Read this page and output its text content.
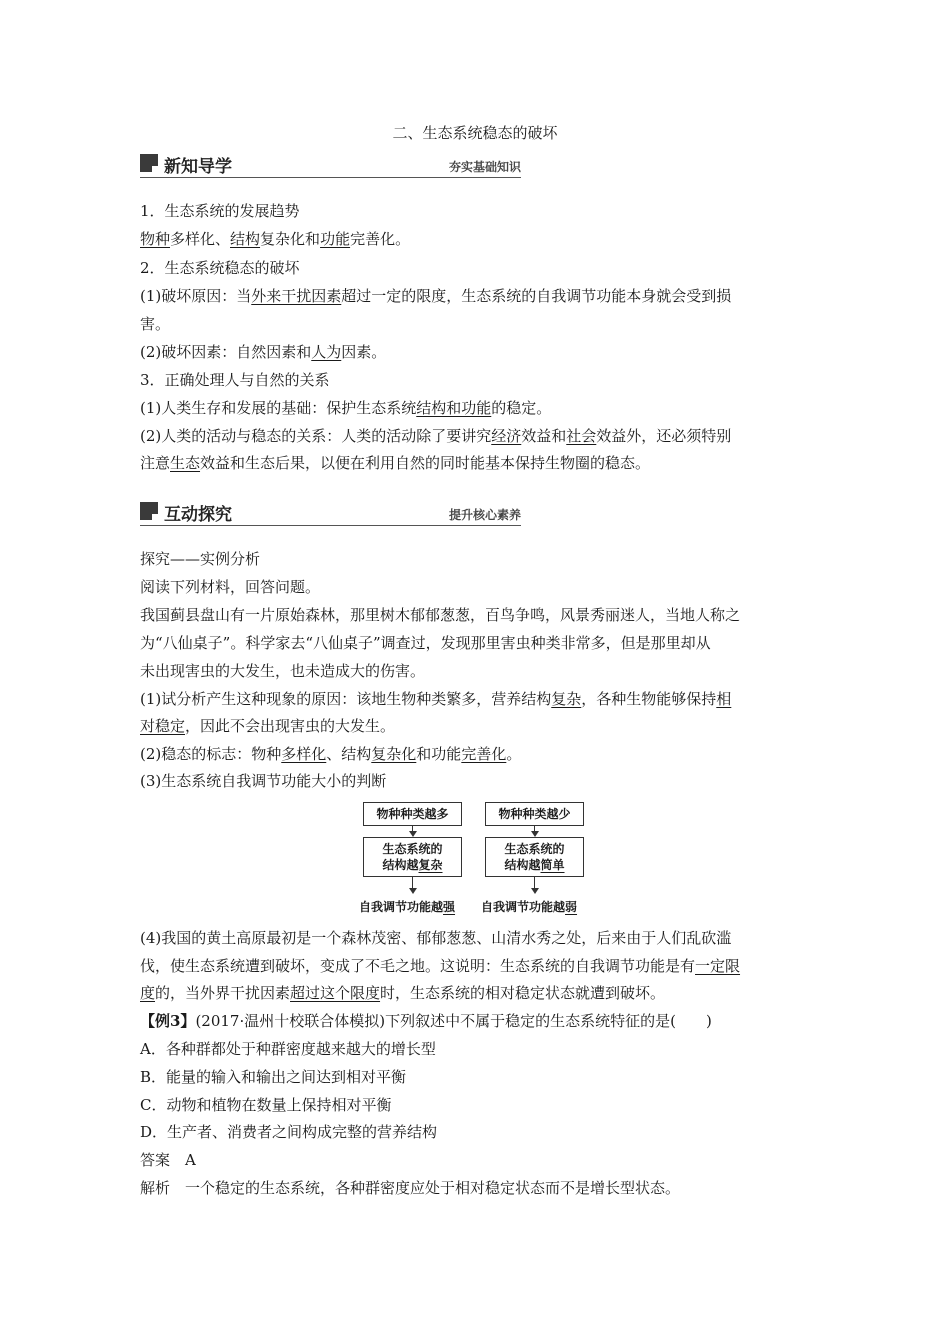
二、生态系统稳态的破坏
新知导学	夯实基础知识
1．生态系统的发展趋势
物种多样化、结构复杂化和功能完善化。
2．生态系统稳态的破坏
(1)破坏原因：当外来干扰因素超过一定的限度，生态系统的自我调节功能本身就会受到损
害。
(2)破坏因素：自然因素和人为因素。
3．正确处理人与自然的关系
(1)人类生存和发展的基础：保护生态系统结构和功能的稳定。
(2)人类的活动与稳态的关系：人类的活动除了要讲究经济效益和社会效益外，还必须特别
注意生态效益和生态后果，以便在利用自然的同时能基本保持生物圈的稳态。
互动探究	提升核心素养
探究——实例分析
阅读下列材料，回答问题。
我国蓟县盘山有一片原始森林，那里树木郁郁葱葱，百鸟争鸣，风景秀丽迷人，当地人称之
为“八仙桌子”。科学家去“八仙桌子”调查过，发现那里害虫种类非常多，但是那里却从
未出现害虫的大发生，也未造成大的伤害。
(1)试分析产生这种现象的原因：该地生物种类繁多，营养结构复杂，各种生物能够保持相
对稳定，因此不会出现害虫的大发生。
(2)稳态的标志：物种多样化、结构复杂化和功能完善化。
(3)生态系统自我调节功能大小的判断
物种种类越多
生态系统的
结构越复杂
自我调节功能越强
物种种类越少
生态系统的
结构越简单
自我调节功能越弱
(4)我国的黄土高原最初是一个森林茂密、郁郁葱葱、山清水秀之处，后来由于人们乱砍滥
伐，使生态系统遭到破坏，变成了不毛之地。这说明：生态系统的自我调节功能是有一定限
度的，当外界干扰因素超过这个限度时，生态系统的相对稳定状态就遭到破坏。
【例3】(2017·温州十校联合体模拟)下列叙述中不属于稳定的生态系统特征的是(　　)
A．各种群都处于种群密度越来越大的增长型
B．能量的输入和输出之间达到相对平衡
C．动物和植物在数量上保持相对平衡
D．生产者、消费者之间构成完整的营养结构
答案　A
解析　一个稳定的生态系统，各种群密度应处于相对稳定状态而不是增长型状态。
